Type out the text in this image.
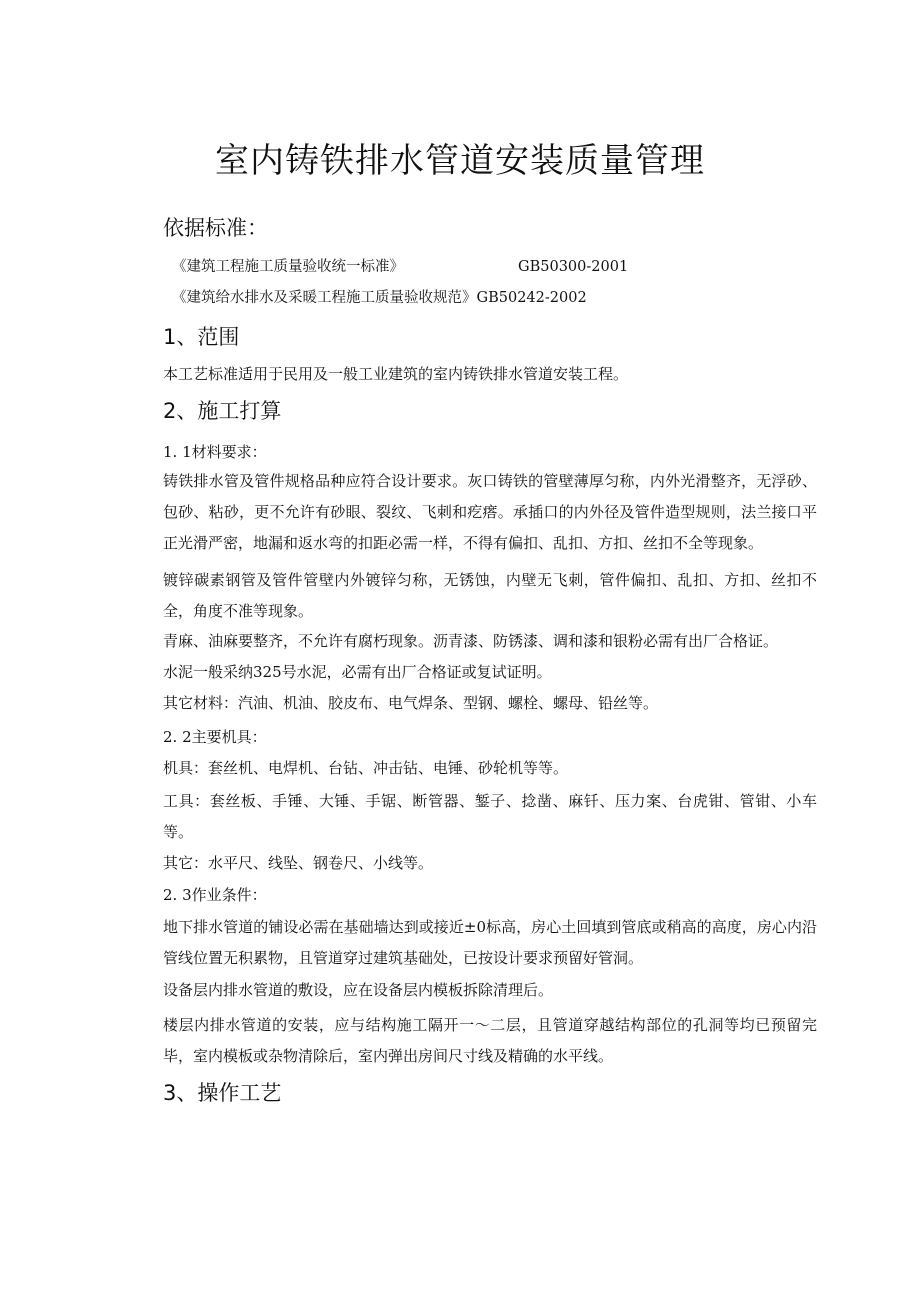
室内铸铁排水管道安装质量管理
依据标准：
《建筑工程施工质量验收统一标准》	GB50300-2001
《建筑给水排水及采暖工程施工质量验收规范》GB50242-2002
1、范围
本工艺标准适用于民用及一般工业建筑的室内铸铁排水管道安装工程。
2、施工打算
1. 1材料要求：
铸铁排水管及管件规格品种应符合设计要求。灰口铸铁的管壁薄厚匀称，内外光滑整齐，无浮砂、包砂、粘砂，更不允许有砂眼、裂纹、飞刺和疙瘩。承插口的内外径及管件造型规则，法兰接口平正光滑严密，地漏和返水弯的扣距必需一样，不得有偏扣、乱扣、方扣、丝扣不全等现象。
镀锌碳素钢管及管件管壁内外镀锌匀称，无锈蚀，内壁无飞刺，管件偏扣、乱扣、方扣、丝扣不全，角度不准等现象。
青麻、油麻要整齐，不允许有腐朽现象。沥青漆、防锈漆、调和漆和银粉必需有出厂合格证。
水泥一般采纳325号水泥，必需有出厂合格证或复试证明。
其它材料：汽油、机油、胶皮布、电气焊条、型钢、螺栓、螺母、铅丝等。
2. 2主要机具：
机具：套丝机、电焊机、台钻、冲击钻、电锤、砂轮机等等。
工具：套丝板、手锤、大锤、手锯、断管器、錾子、捻凿、麻钎、压力案、台虎钳、管钳、小车等。
其它：水平尺、线坠、钢卷尺、小线等。
2. 3作业条件：
地下排水管道的铺设必需在基础墙达到或接近±0标高，房心土回填到管底或稍高的高度，房心内沿管线位置无积累物，且管道穿过建筑基础处，已按设计要求预留好管洞。
设备层内排水管道的敷设，应在设备层内模板拆除清理后。
楼层内排水管道的安装，应与结构施工隔开一～二层，且管道穿越结构部位的孔洞等均已预留完毕，室内模板或杂物清除后，室内弹出房间尺寸线及精确的水平线。
3、操作工艺
